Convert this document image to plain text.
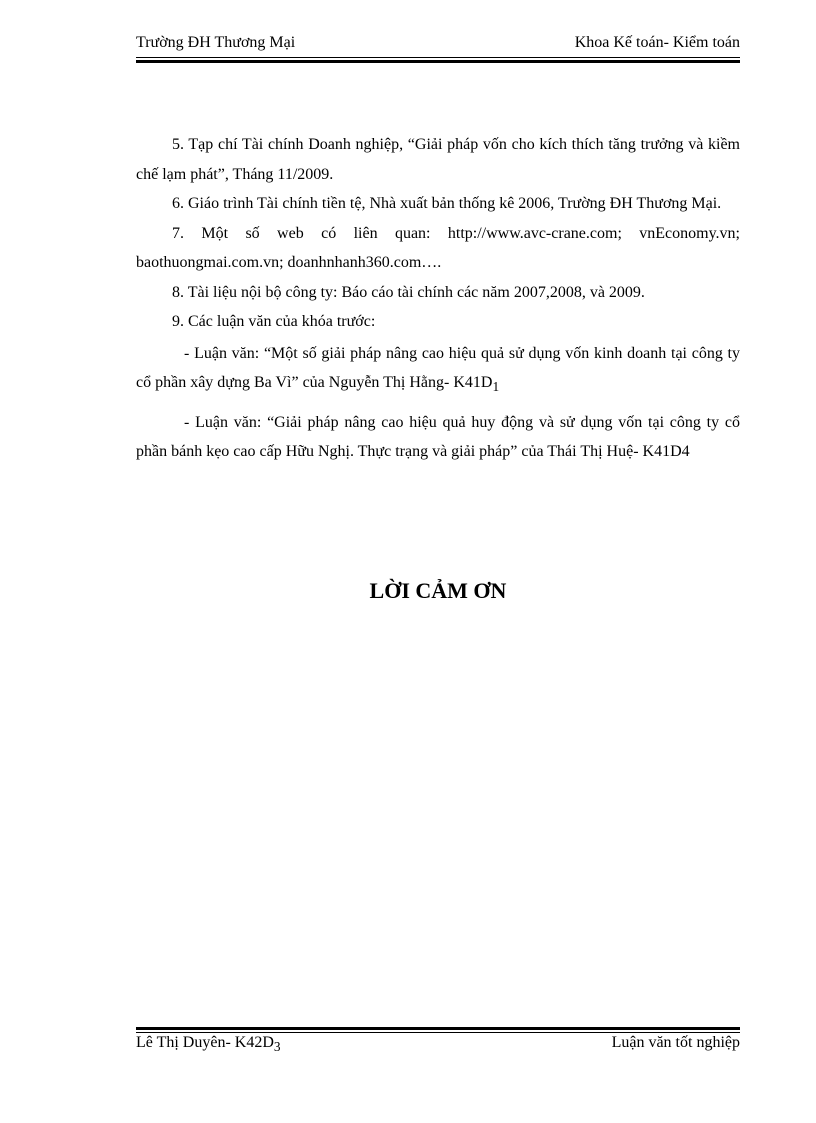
Trường ĐH Thương Mại	Khoa Kế toán- Kiểm toán

5. Tạp chí Tài chính Doanh nghiệp, “Giải pháp vốn cho kích thích tăng trưởng và kiềm chế lạm phát”, Tháng 11/2009.

6. Giáo trình Tài chính tiền tệ, Nhà xuất bản thống kê 2006, Trường ĐH Thương Mại.

7. Một số web có liên quan: http://www.avc-crane.com; vnEconomy.vn; baothuongmai.com.vn; doanhnhanh360.com….

8. Tài liệu nội bộ công ty: Báo cáo tài chính các năm 2007,2008, và 2009.

9. Các luận văn của khóa trước:

- Luận văn: “Một số giải pháp nâng cao hiệu quả sử dụng vốn kinh doanh tại công ty cổ phần xây dựng Ba Vì” của Nguyễn Thị Hằng- $K41D_1$

- Luận văn: “Giải pháp nâng cao hiệu quả huy động và sử dụng vốn tại công ty cổ phần bánh kẹo cao cấp Hữu Nghị. Thực trạng và giải pháp” của Thái Thị Huệ- K41D4

LỜI CẢM ƠN
Lê Thị Duyên- $K42D_3$	Luận văn tốt nghiệp
